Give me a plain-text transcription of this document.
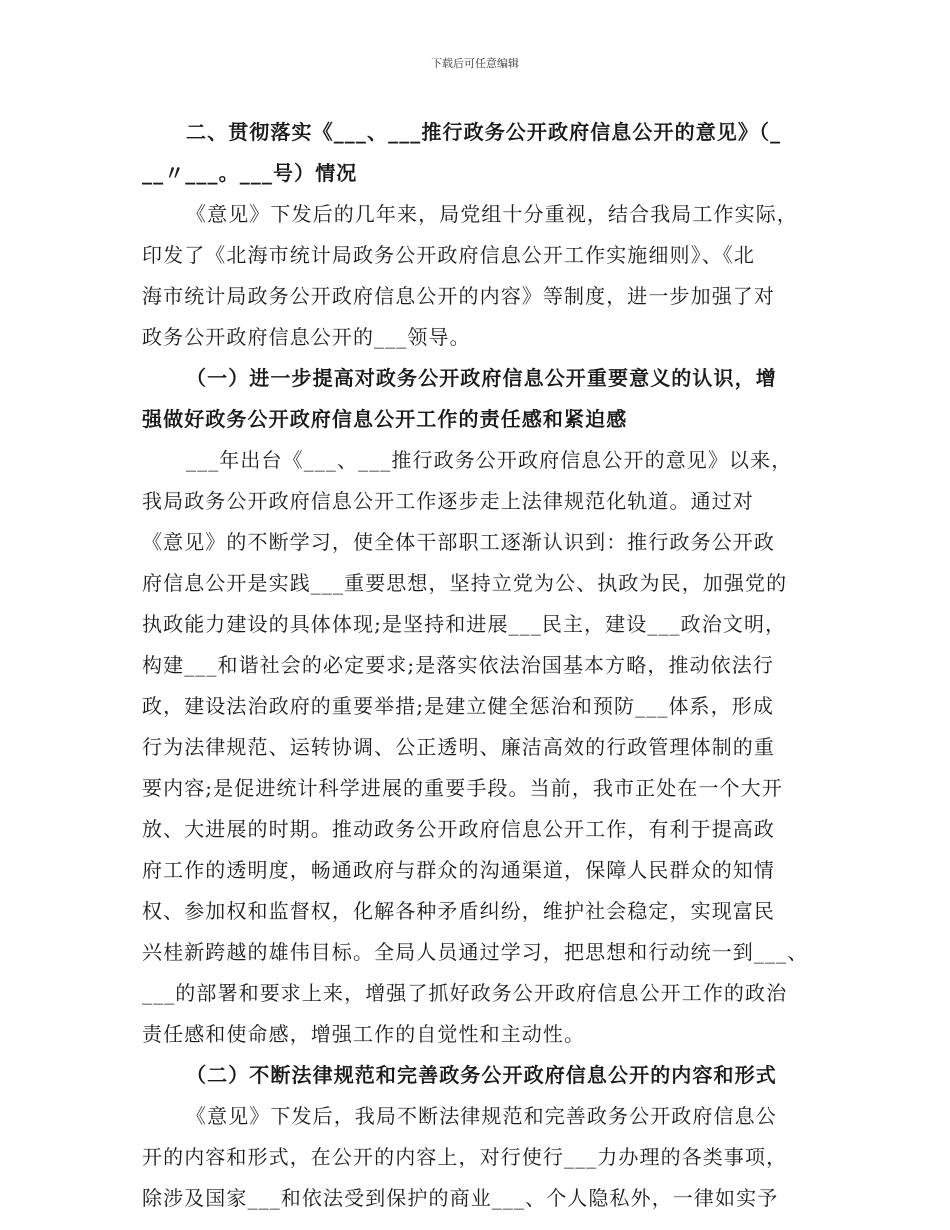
下载后可任意编辑
二、贯彻落实《___、___推行政务公开政府信息公开的意见》（_
__〃___。___号）情况
《意见》下发后的几年来，局党组十分重视，结合我局工作实际，
印发了《北海市统计局政务公开政府信息公开工作实施细则》、《北
海市统计局政务公开政府信息公开的内容》等制度，进一步加强了对
政务公开政府信息公开的___领导。
（一）进一步提高对政务公开政府信息公开重要意义的认识，增
强做好政务公开政府信息公开工作的责任感和紧迫感
___年出台《___、___推行政务公开政府信息公开的意见》以来，
我局政务公开政府信息公开工作逐步走上法律规范化轨道。通过对
《意见》的不断学习，使全体干部职工逐渐认识到：推行政务公开政
府信息公开是实践___重要思想，坚持立党为公、执政为民，加强党的
执政能力建设的具体体现;是坚持和进展___民主，建设___政治文明，
构建___和谐社会的必定要求;是落实依法治国基本方略，推动依法行
政，建设法治政府的重要举措;是建立健全惩治和预防___体系，形成
行为法律规范、运转协调、公正透明、廉洁高效的行政管理体制的重
要内容;是促进统计科学进展的重要手段。当前，我市正处在一个大开
放、大进展的时期。推动政务公开政府信息公开工作，有利于提高政
府工作的透明度，畅通政府与群众的沟通渠道，保障人民群众的知情
权、参加权和监督权，化解各种矛盾纠纷，维护社会稳定，实现富民
兴桂新跨越的雄伟目标。全局人员通过学习，把思想和行动统一到___、
___的部署和要求上来，增强了抓好政务公开政府信息公开工作的政治
责任感和使命感，增强工作的自觉性和主动性。
（二）不断法律规范和完善政务公开政府信息公开的内容和形式
《意见》下发后，我局不断法律规范和完善政务公开政府信息公
开的内容和形式，在公开的内容上，对行使行___力办理的各类事项，
除涉及国家___和依法受到保护的商业___、个人隐私外，一律如实予
